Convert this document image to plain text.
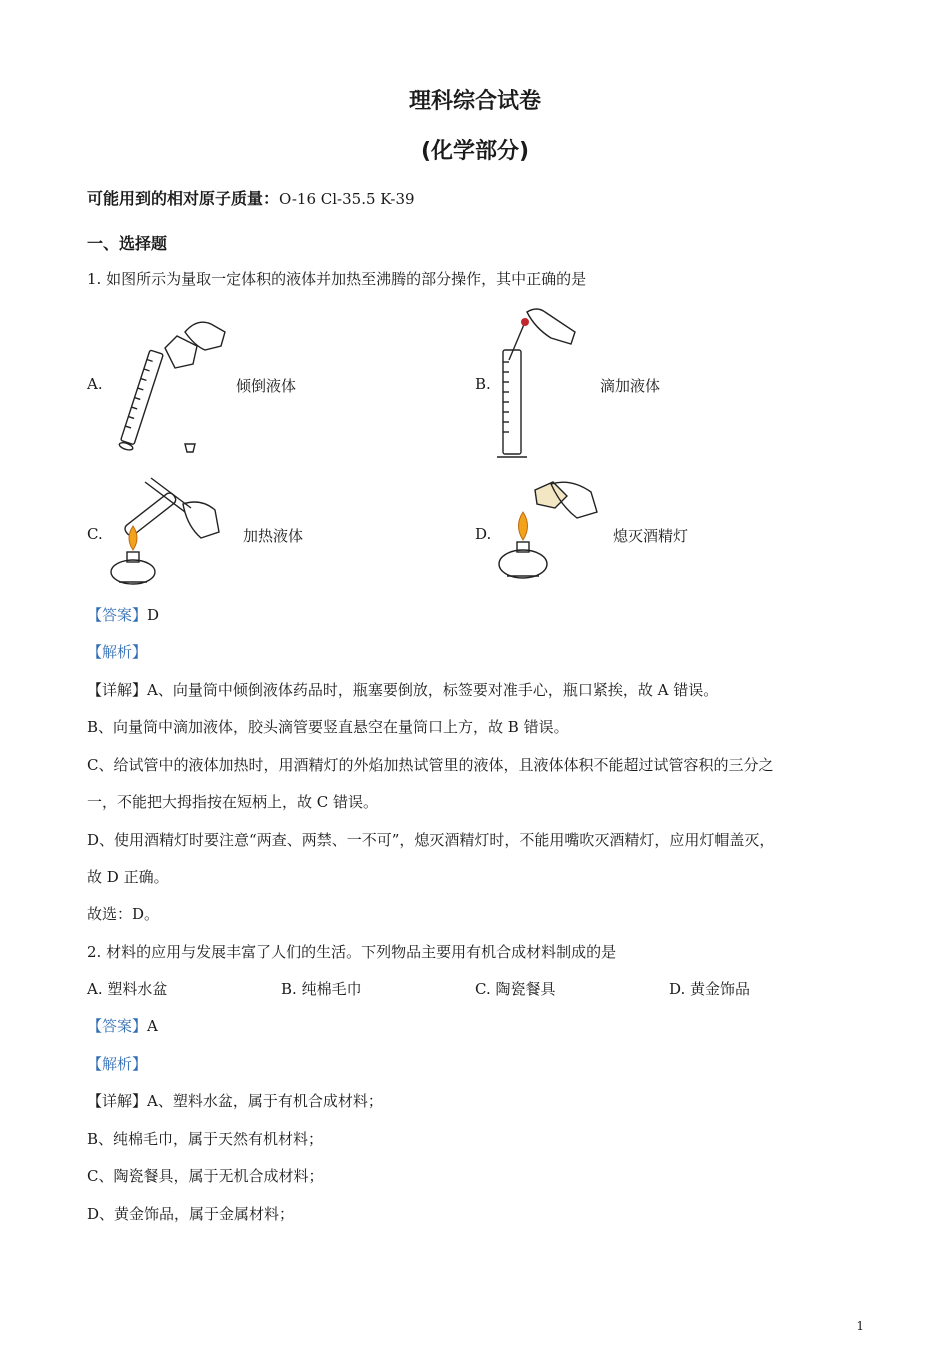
理科综合试卷
(化学部分)
可能用到的相对原子质量：O-16 Cl-35.5 K-39
一、选择题
1. 如图所示为量取一定体积的液体并加热至沸腾的部分操作，其中正确的是
A.	倾倒液体	B.	滴加液体
C.	加热液体	D.	熄灭酒精灯
【答案】D
【解析】
【详解】A、向量筒中倾倒液体药品时，瓶塞要倒放，标签要对准手心，瓶口紧挨，故 A 错误。
B、向量筒中滴加液体，胶头滴管要竖直悬空在量筒口上方，故 B 错误。
C、给试管中的液体加热时，用酒精灯的外焰加热试管里的液体，且液体体积不能超过试管容积的三分之
一，不能把大拇指按在短柄上，故 C 错误。
D、使用酒精灯时要注意“两查、两禁、一不可”，熄灭酒精灯时，不能用嘴吹灭酒精灯，应用灯帽盖灭，
故 D 正确。
故选：D。
2. 材料的应用与发展丰富了人们的生活。下列物品主要用有机合成材料制成的是
A. 塑料水盆	B. 纯棉毛巾	C. 陶瓷餐具	D. 黄金饰品
【答案】A
【解析】
【详解】A、塑料水盆，属于有机合成材料；
B、纯棉毛巾，属于天然有机材料；
C、陶瓷餐具，属于无机合成材料；
D、黄金饰品，属于金属材料；
1
